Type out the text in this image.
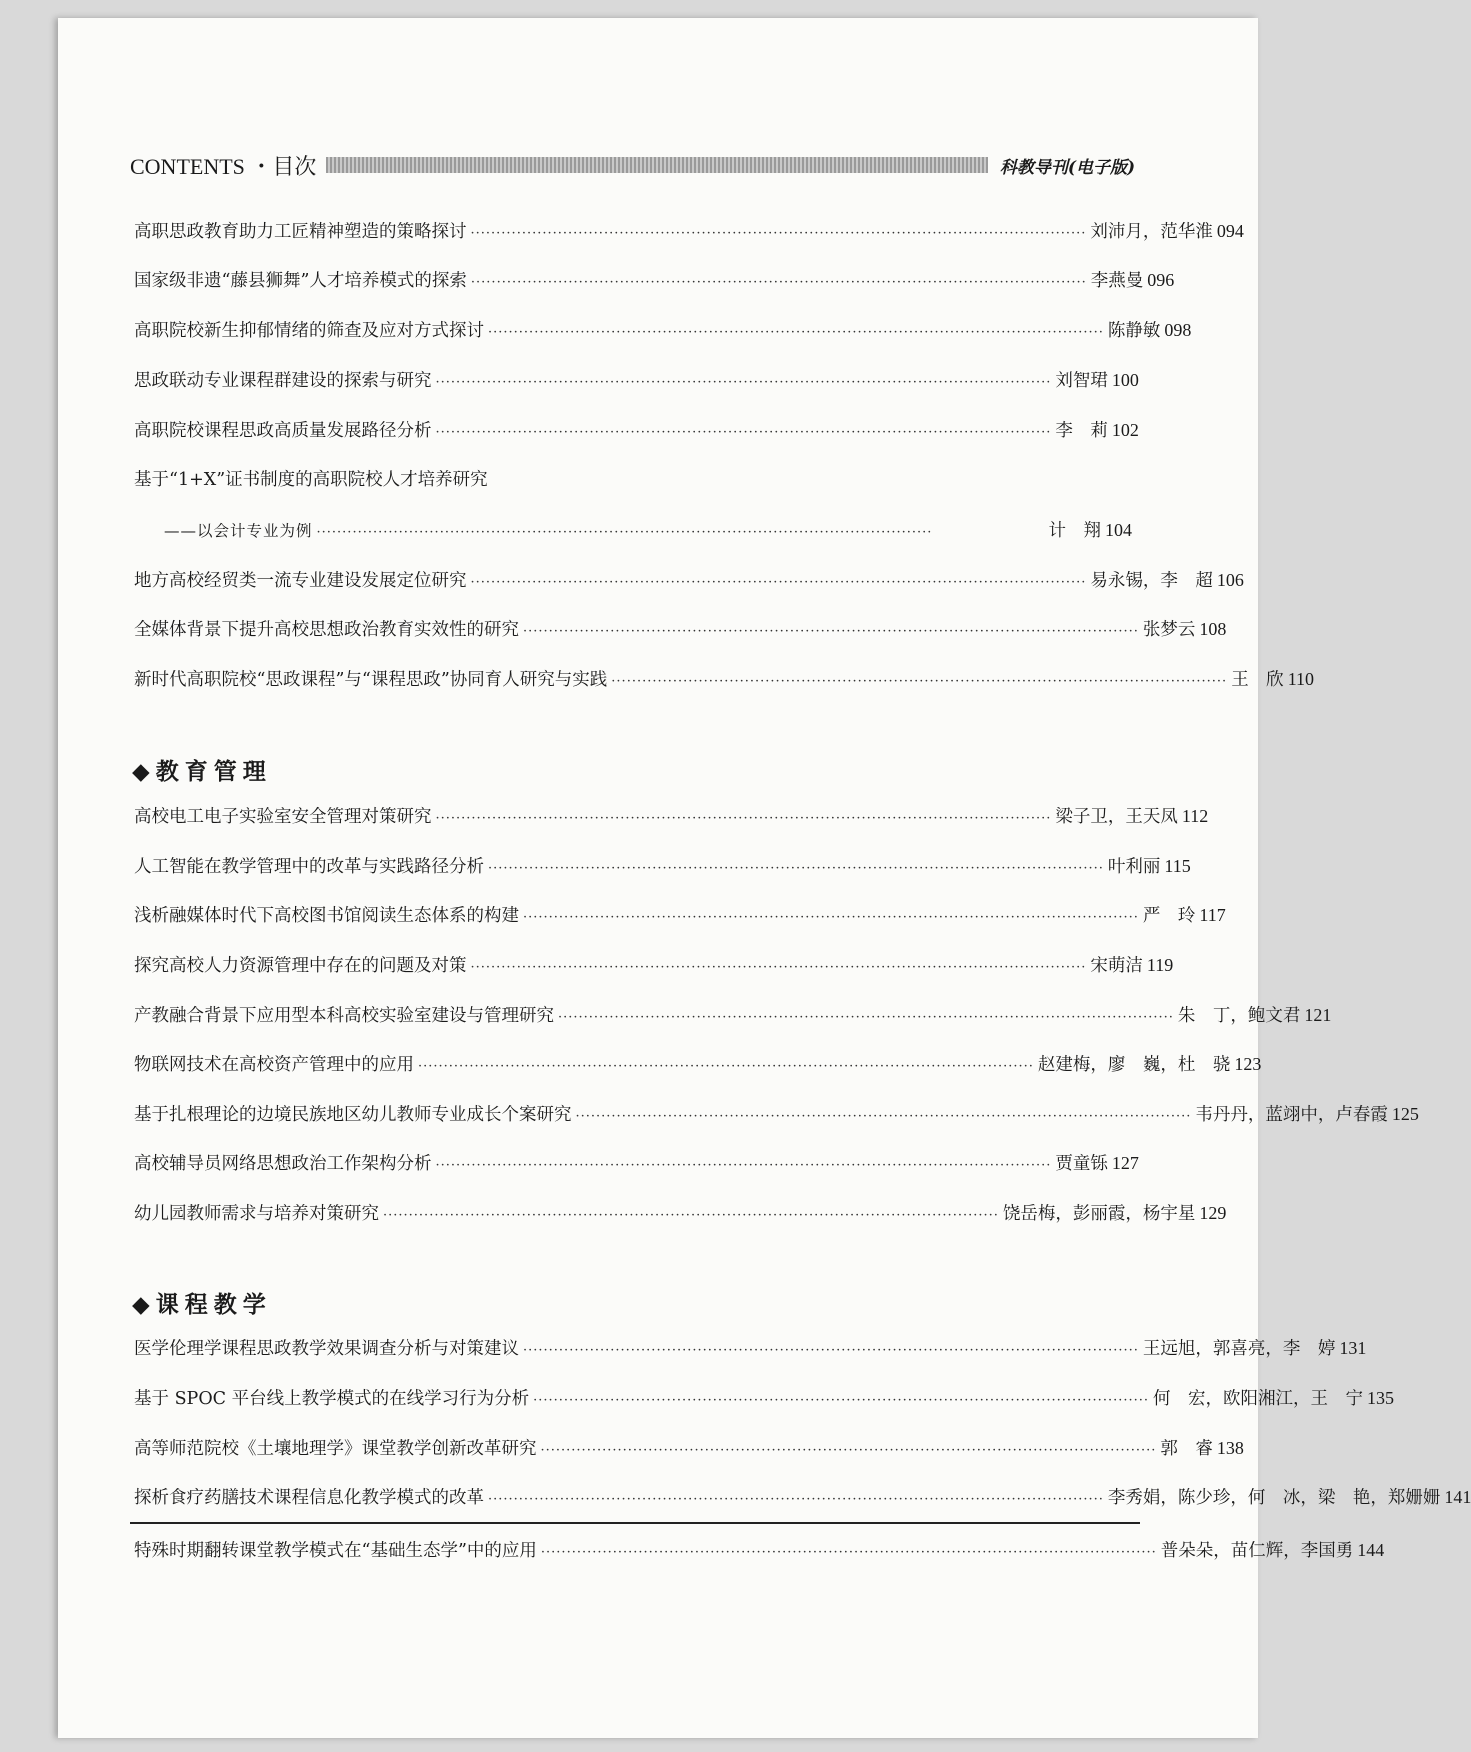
CONTENTS ・目次	科教导刊(电子版)
高职思政教育助力工匠精神塑造的策略探讨 ························································································································ 刘沛月，范华淮 094
国家级非遗“藤县狮舞”人才培养模式的探索 ························································································································ 李燕曼 096
高职院校新生抑郁情绪的筛查及应对方式探讨 ························································································································ 陈静敏 098
思政联动专业课程群建设的探索与研究 ························································································································ 刘智珺 100
高职院校课程思政高质量发展路径分析 ························································································································ 李　莉 102
基于“1+X”证书制度的高职院校人才培养研究
——以会计专业为例 ························································································································	计　翔 104
地方高校经贸类一流专业建设发展定位研究 ························································································································ 易永锡，李　超 106
全媒体背景下提升高校思想政治教育实效性的研究 ························································································································ 张梦云 108
新时代高职院校“思政课程”与“课程思政”协同育人研究与实践 ························································································································ 王　欣 110
◆教育管理
高校电工电子实验室安全管理对策研究 ························································································································ 梁子卫，王天凤 112
人工智能在教学管理中的改革与实践路径分析 ························································································································ 叶利丽 115
浅析融媒体时代下高校图书馆阅读生态体系的构建 ························································································································ 严　玲 117
探究高校人力资源管理中存在的问题及对策 ························································································································ 宋萌洁 119
产教融合背景下应用型本科高校实验室建设与管理研究 ························································································································ 朱　丁，鲍文君 121
物联网技术在高校资产管理中的应用 ························································································································ 赵建梅，廖　巍，杜　骁 123
基于扎根理论的边境民族地区幼儿教师专业成长个案研究 ························································································································ 韦丹丹，蓝翊中，卢春霞 125
高校辅导员网络思想政治工作架构分析 ························································································································ 贾童铄 127
幼儿园教师需求与培养对策研究 ························································································································ 饶岳梅，彭丽霞，杨宇星 129
◆课程教学
医学伦理学课程思政教学效果调查分析与对策建议 ························································································································ 王远旭，郭喜亮，李　婷 131
基于 SPOC 平台线上教学模式的在线学习行为分析 ························································································································ 何　宏，欧阳湘江，王　宁 135
高等师范院校《土壤地理学》课堂教学创新改革研究 ························································································································ 郭　睿 138
探析食疗药膳技术课程信息化教学模式的改革 ························································································································ 李秀娟，陈少珍，何　冰，梁　艳，郑姗姗 141
特殊时期翻转课堂教学模式在“基础生态学”中的应用 ························································································································ 普朵朵，苗仁辉，李国勇 144
